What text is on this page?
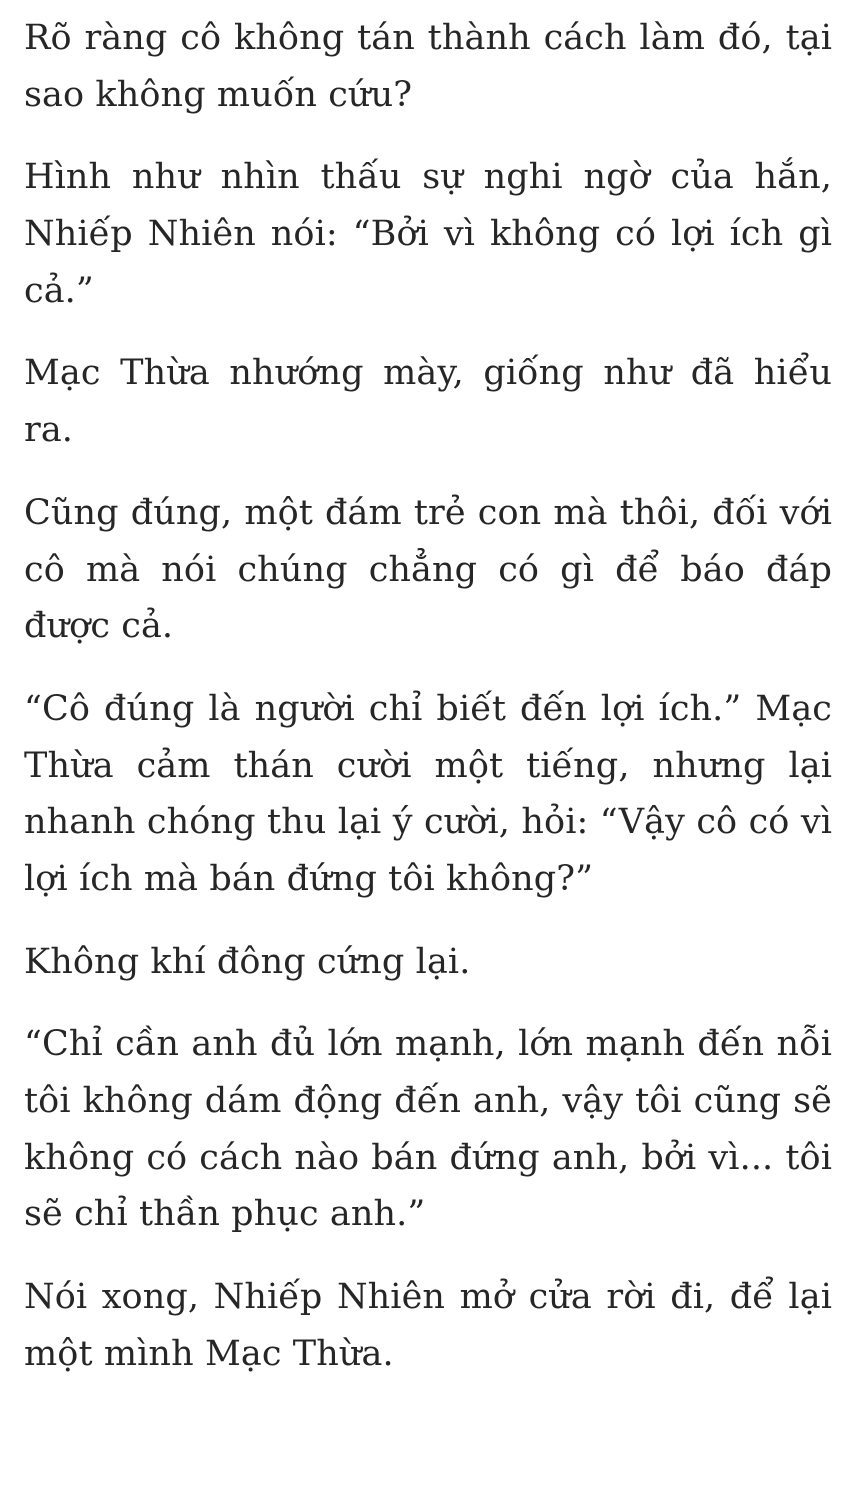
Rõ ràng cô không tán thành cách làm đó, tại sao không muốn cứu?

Hình như nhìn thấu sự nghi ngờ của hắn, Nhiếp Nhiên nói: “Bởi vì không có lợi ích gì cả.”

Mạc Thừa nhướng mày, giống như đã hiểu ra.

Cũng đúng, một đám trẻ con mà thôi, đối với cô mà nói chúng chẳng có gì để báo đáp được cả.

“Cô đúng là người chỉ biết đến lợi ích.” Mạc Thừa cảm thán cười một tiếng, nhưng lại nhanh chóng thu lại ý cười, hỏi: “Vậy cô có vì lợi ích mà bán đứng tôi không?”

Không khí đông cứng lại.

“Chỉ cần anh đủ lớn mạnh, lớn mạnh đến nỗi tôi không dám động đến anh, vậy tôi cũng sẽ không có cách nào bán đứng anh, bởi vì... tôi sẽ chỉ thần phục anh.”

Nói xong, Nhiếp Nhiên mở cửa rời đi, để lại một mình Mạc Thừa.
